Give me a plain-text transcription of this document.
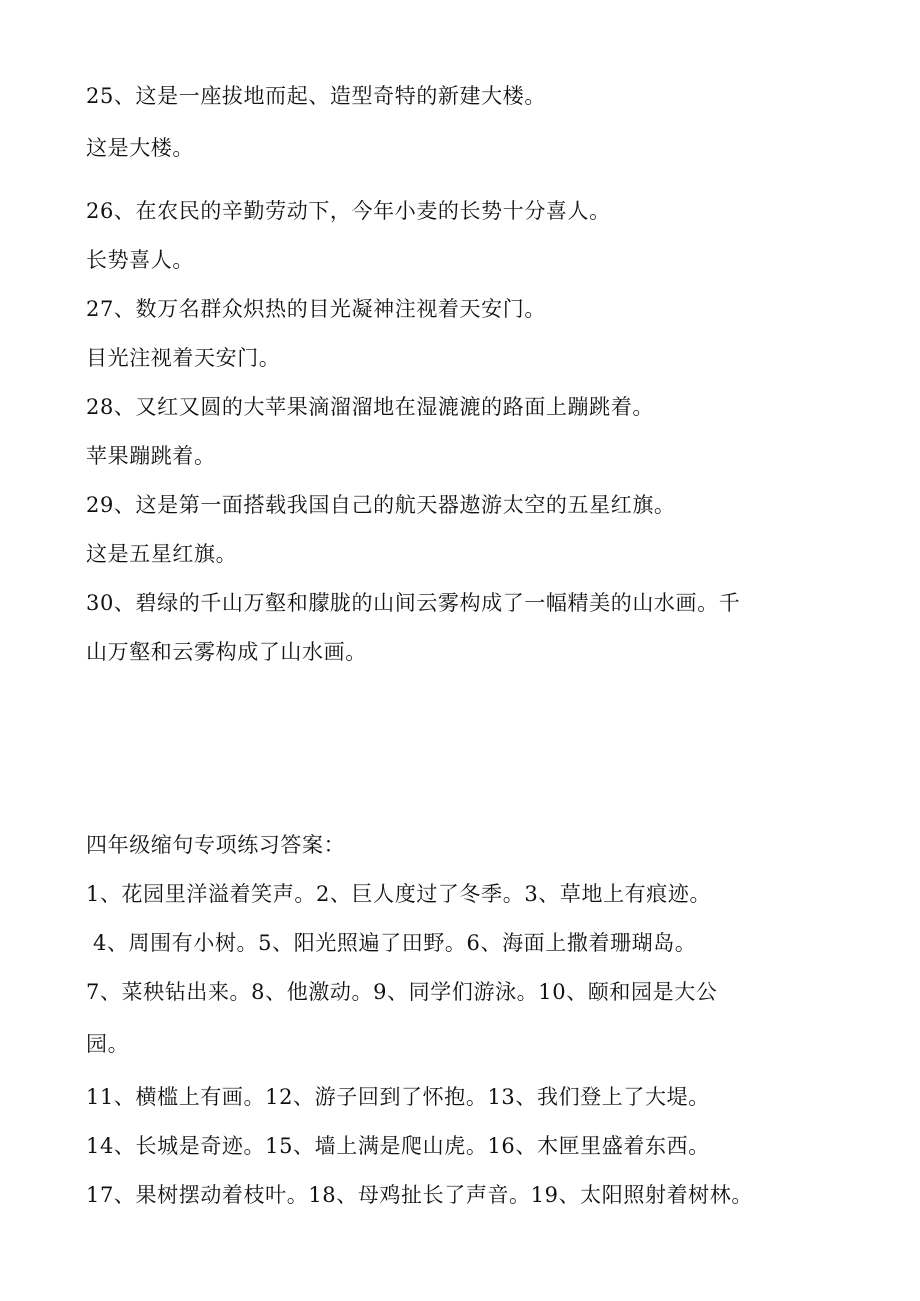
25、这是一座拔地而起、造型奇特的新建大楼。
这是大楼。
26、在农民的辛勤劳动下，今年小麦的长势十分喜人。
长势喜人。
27、数万名群众炽热的目光凝神注视着天安门。
目光注视着天安门。
28、又红又圆的大苹果滴溜溜地在湿漉漉的路面上蹦跳着。
苹果蹦跳着。
29、这是第一面搭载我国自己的航天器遨游太空的五星红旗。
这是五星红旗。
30、碧绿的千山万壑和朦胧的山间云雾构成了一幅精美的山水画。千
山万壑和云雾构成了山水画。
四年级缩句专项练习答案：
1、花园里洋溢着笑声。2、巨人度过了冬季。3、草地上有痕迹。
4、周围有小树。5、阳光照遍了田野。6、海面上撒着珊瑚岛。
7、菜秧钻出来。8、他激动。9、同学们游泳。10、颐和园是大公
园。
11、横槛上有画。12、游子回到了怀抱。13、我们登上了大堤。
14、长城是奇迹。15、墙上满是爬山虎。16、木匣里盛着东西。
17、果树摆动着枝叶。18、母鸡扯长了声音。19、太阳照射着树林。
